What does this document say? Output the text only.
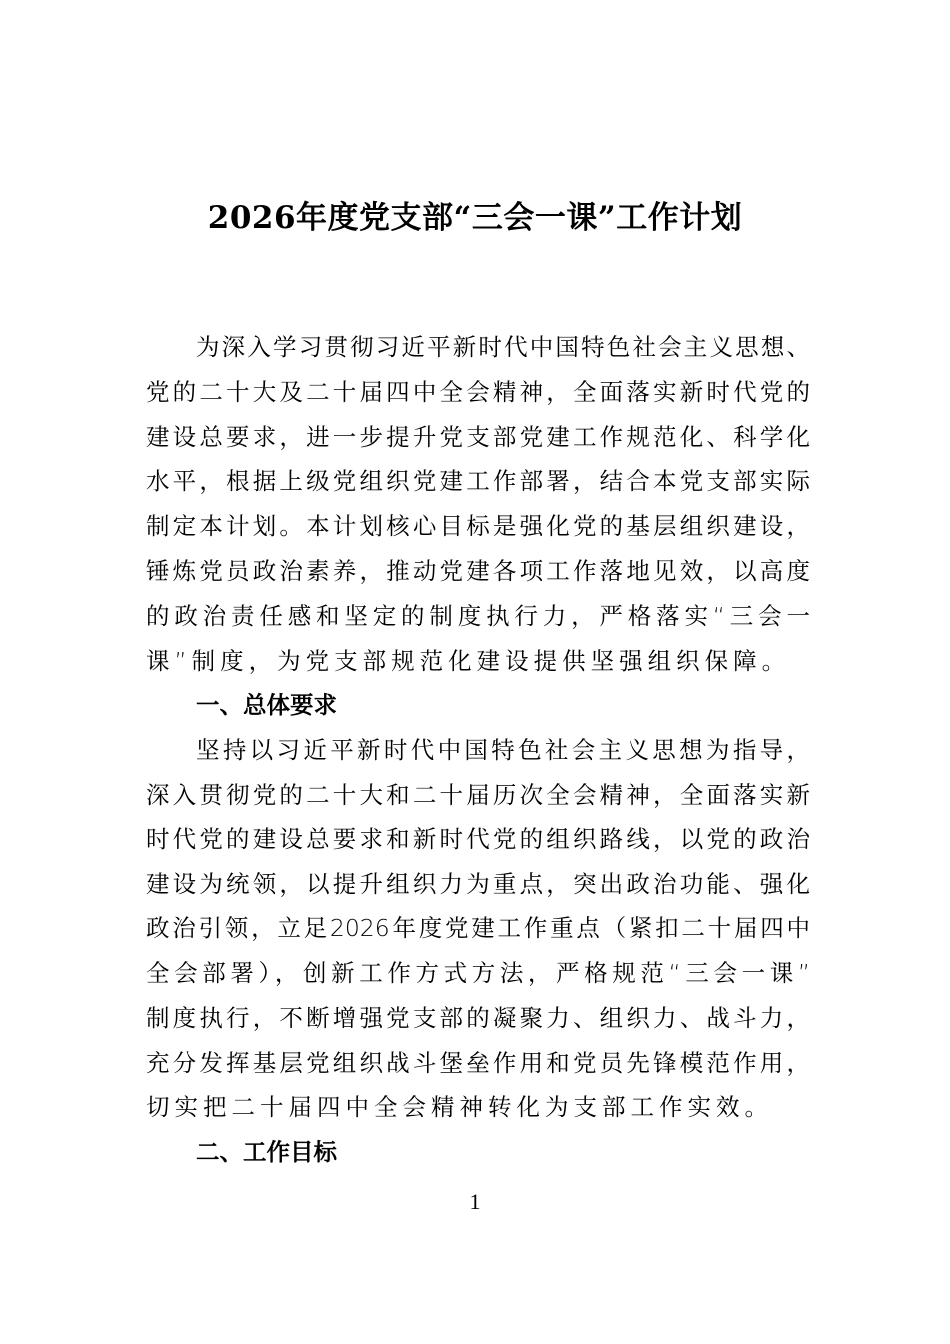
2026年度党支部“三会一课”工作计划
为深入学习贯彻习近平新时代中国特色社会主义思想、
党的二十大及二十届四中全会精神，全面落实新时代党的
建设总要求，进一步提升党支部党建工作规范化、科学化
水平，根据上级党组织党建工作部署，结合本党支部实际
制定本计划。本计划核心目标是强化党的基层组织建设，
锤炼党员政治素养，推动党建各项工作落地见效，以高度
的政治责任感和坚定的制度执行力，严格落实“三会一
课”制度，为党支部规范化建设提供坚强组织保障。
一、总体要求
坚持以习近平新时代中国特色社会主义思想为指导，
深入贯彻党的二十大和二十届历次全会精神，全面落实新
时代党的建设总要求和新时代党的组织路线，以党的政治
建设为统领，以提升组织力为重点，突出政治功能、强化
政治引领，立足2026年度党建工作重点（紧扣二十届四中
全会部署），创新工作方式方法，严格规范“三会一课”
制度执行，不断增强党支部的凝聚力、组织力、战斗力，
充分发挥基层党组织战斗堡垒作用和党员先锋模范作用，
切实把二十届四中全会精神转化为支部工作实效。
二、工作目标
1
